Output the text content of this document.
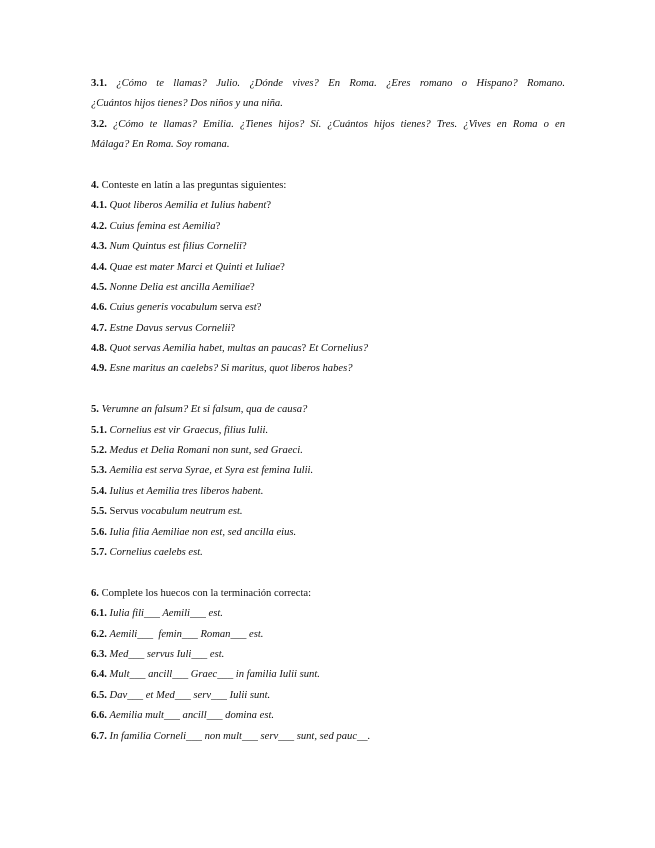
3.1. ¿Cómo te llamas? Julio. ¿Dónde vives? En Roma. ¿Eres romano o Hispano? Romano.
¿Cuántos hijos tienes? Dos niños y una niña.
3.2. ¿Cómo te llamas? Emilia. ¿Tienes hijos? Sí. ¿Cuántos hijos tienes? Tres. ¿Vives en Roma o en
Málaga? En Roma. Soy romana.
4. Conteste en latín a las preguntas siguientes:
4.1. Quot liberos Aemilia et Iulius habent?
4.2. Cuius femina est Aemilia?
4.3. Num Quintus est filius Cornelii?
4.4. Quae est mater Marci et Quinti et Iuliae?
4.5. Nonne Delia est ancilla Aemiliae?
4.6. Cuius generis vocabulum serva est?
4.7. Estne Davus servus Cornelii?
4.8. Quot servas Aemilia habet, multas an paucas? Et Cornelius?
4.9. Esne maritus an caelebs? Si maritus, quot liberos habes?
5. Verumne an falsum? Et si falsum, qua de causa?
5.1. Cornelius est vir Graecus, filius Iulii.
5.2. Medus et Delia Romani non sunt, sed Graeci.
5.3. Aemilia est serva Syrae, et Syra est femina Iulii.
5.4. Iulius et Aemilia tres liberos habent.
5.5. Servus vocabulum neutrum est.
5.6. Iulia filia Aemiliae non est, sed ancilla eius.
5.7. Cornelius caelebs est.
6. Complete los huecos con la terminación correcta:
6.1. Iulia fili___ Aemili___ est.
6.2. Aemili___  femin___ Roman___ est.
6.3. Med___ servus Iuli___ est.
6.4. Mult___ ancill___ Graec___ in familia Iulii sunt.
6.5. Dav___ et Med___ serv___ Iulii sunt.
6.6. Aemilia mult___ ancill___ domina est.
6.7. In familia Corneli___ non mult___ serv___ sunt, sed pauc__.
